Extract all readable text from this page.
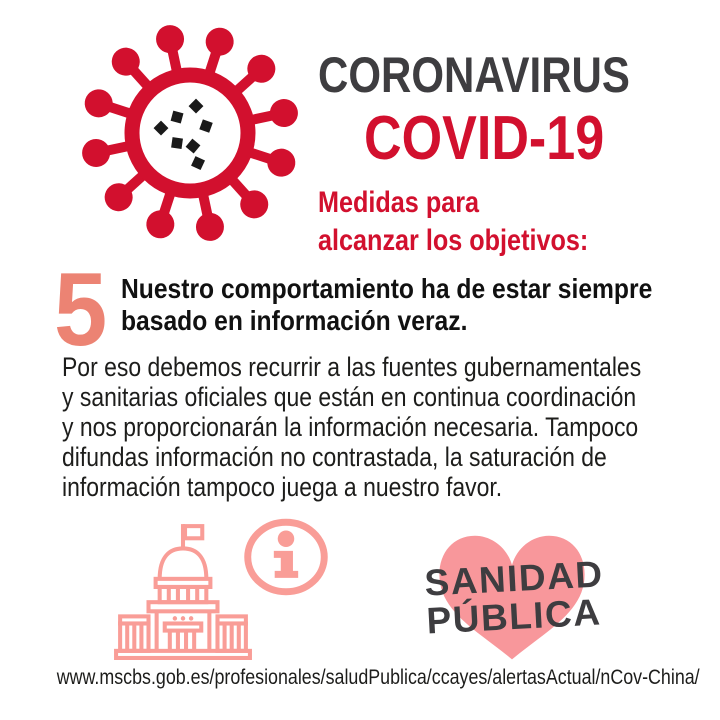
CORONAVIRUS
COVID-19
Medidas para
alcanzar los objetivos:
5 Nuestro comportamiento ha de estar siempre
basado en información veraz.
Por eso debemos recurrir a las fuentes gubernamentales
y sanitarias oficiales que están en continua coordinación
y nos proporcionarán la información necesaria. Tampoco
difundas información no contrastada, la saturación de
información tampoco juega a nuestro favor.
SANIDAD
PÚBLICA
www.mscbs.gob.es/profesionales/saludPublica/ccayes/alertasActual/nCov-China/
